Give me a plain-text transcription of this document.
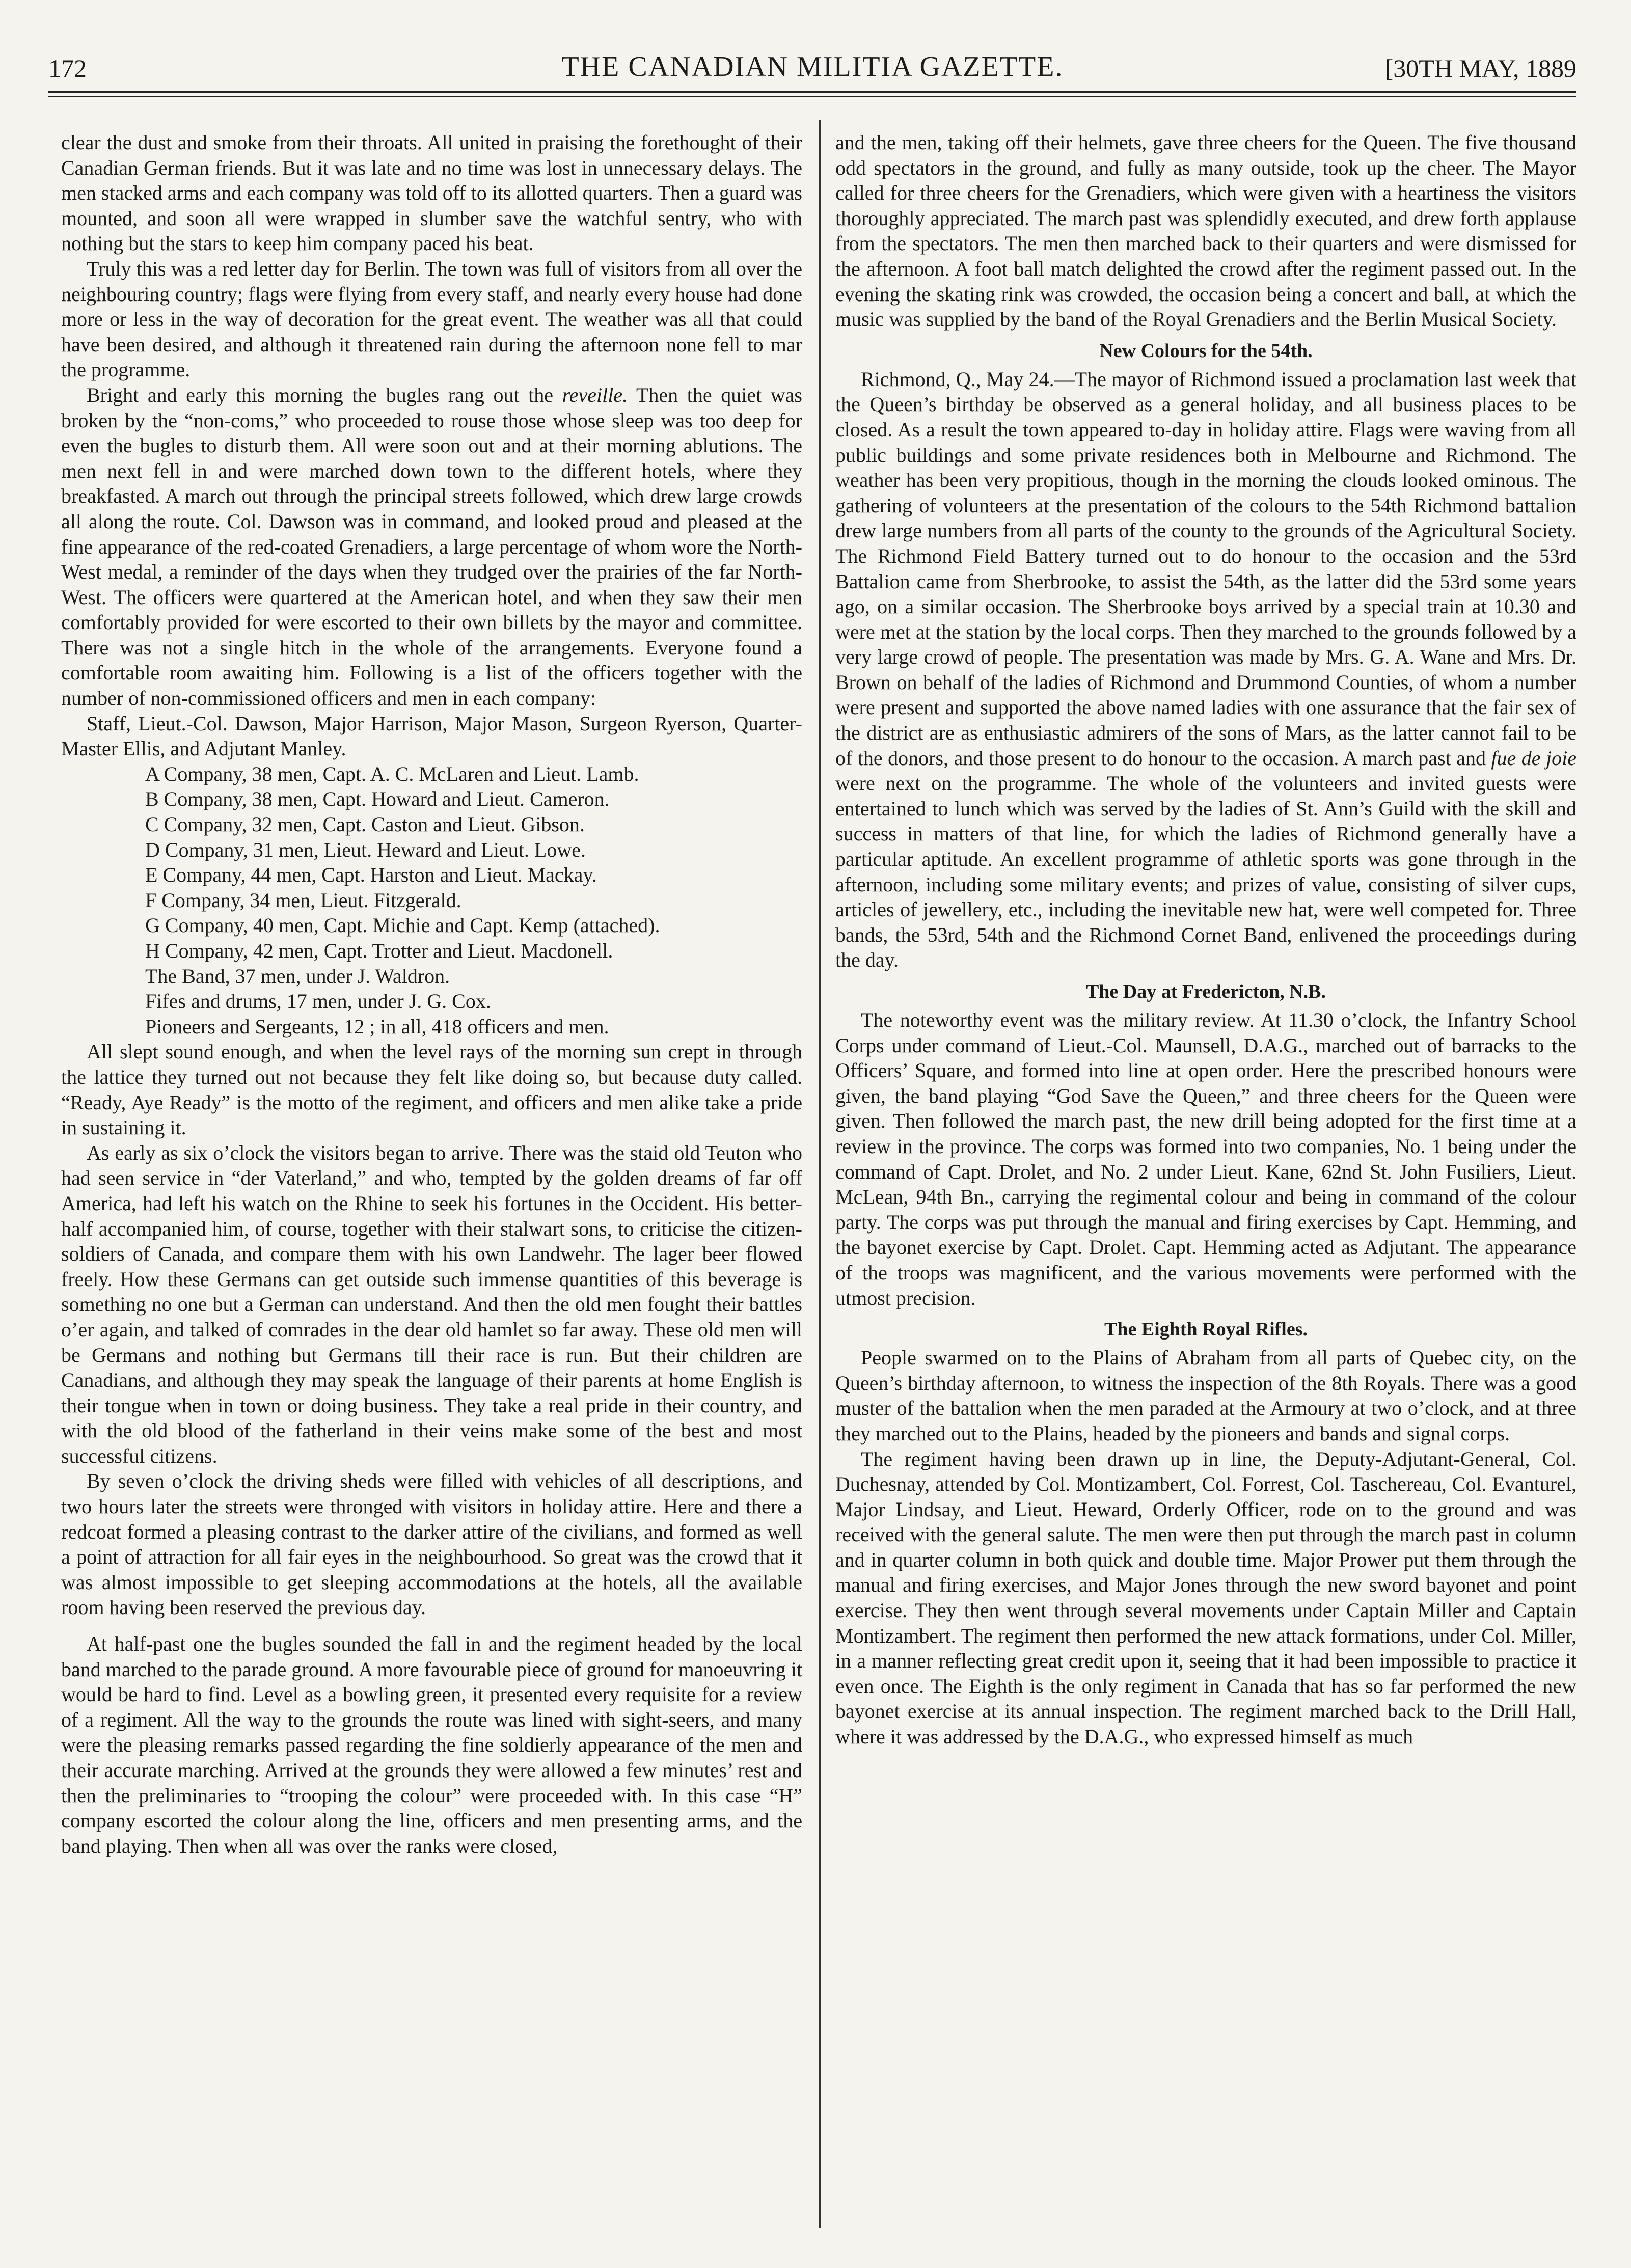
172	THE CANADIAN MILITIA GAZETTE.	[30TH MAY, 1889

clear the dust and smoke from their throats. All united in praising the forethought of their Canadian German friends. But it was late and no time was lost in unnecessary delays. The men stacked arms and each company was told off to its allotted quarters. Then a guard was mounted, and soon all were wrapped in slumber save the watchful sentry, who with nothing but the stars to keep him company paced his beat.

Truly this was a red letter day for Berlin. The town was full of visitors from all over the neighbouring country; flags were flying from every staff, and nearly every house had done more or less in the way of decoration for the great event. The weather was all that could have been desired, and although it threatened rain during the afternoon none fell to mar the programme.

Bright and early this morning the bugles rang out the reveille. Then the quiet was broken by the “non-coms,” who proceeded to rouse those whose sleep was too deep for even the bugles to disturb them. All were soon out and at their morning ablutions. The men next fell in and were marched down town to the different hotels, where they breakfasted. A march out through the principal streets followed, which drew large crowds all along the route. Col. Dawson was in command, and looked proud and pleased at the fine appearance of the red-coated Grenadiers, a large percentage of whom wore the North-West medal, a reminder of the days when they trudged over the prairies of the far North-West. The officers were quartered at the American hotel, and when they saw their men comfortably provided for were escorted to their own billets by the mayor and committee. There was not a single hitch in the whole of the arrangements. Everyone found a comfortable room awaiting him. Following is a list of the officers together with the number of non-commissioned officers and men in each company:

Staff, Lieut.-Col. Dawson, Major Harrison, Major Mason, Surgeon Ryerson, Quarter-Master Ellis, and Adjutant Manley.

A Company, 38 men, Capt. A. C. McLaren and Lieut. Lamb.

B Company, 38 men, Capt. Howard and Lieut. Cameron.

C Company, 32 men, Capt. Caston and Lieut. Gibson.

D Company, 31 men, Lieut. Heward and Lieut. Lowe.

E Company, 44 men, Capt. Harston and Lieut. Mackay.

F Company, 34 men, Lieut. Fitzgerald.

G Company, 40 men, Capt. Michie and Capt. Kemp (attached).

H Company, 42 men, Capt. Trotter and Lieut. Macdonell.

The Band, 37 men, under J. Waldron.

Fifes and drums, 17 men, under J. G. Cox.

Pioneers and Sergeants, 12 ; in all, 418 officers and men.

All slept sound enough, and when the level rays of the morning sun crept in through the lattice they turned out not because they felt like doing so, but because duty called. “Ready, Aye Ready” is the motto of the regiment, and officers and men alike take a pride in sustaining it.

As early as six o’clock the visitors began to arrive. There was the staid old Teuton who had seen service in “der Vaterland,” and who, tempted by the golden dreams of far off America, had left his watch on the Rhine to seek his fortunes in the Occident. His better-half accompanied him, of course, together with their stalwart sons, to criticise the citizen-soldiers of Canada, and compare them with his own Landwehr. The lager beer flowed freely. How these Germans can get outside such immense quantities of this beverage is something no one but a German can understand. And then the old men fought their battles o’er again, and talked of comrades in the dear old hamlet so far away. These old men will be Germans and nothing but Germans till their race is run. But their children are Canadians, and although they may speak the language of their parents at home English is their tongue when in town or doing business. They take a real pride in their country, and with the old blood of the fatherland in their veins make some of the best and most successful citizens.

By seven o’clock the driving sheds were filled with vehicles of all descriptions, and two hours later the streets were thronged with visitors in holiday attire. Here and there a redcoat formed a pleasing contrast to the darker attire of the civilians, and formed as well a point of attraction for all fair eyes in the neighbourhood. So great was the crowd that it was almost impossible to get sleeping accommodations at the hotels, all the available room having been reserved the previous day.

At half-past one the bugles sounded the fall in and the regiment headed by the local band marched to the parade ground. A more favourable piece of ground for manoeuvring it would be hard to find. Level as a bowling green, it presented every requisite for a review of a regiment. All the way to the grounds the route was lined with sight-seers, and many were the pleasing remarks passed regarding the fine soldierly appearance of the men and their accurate marching. Arrived at the grounds they were allowed a few minutes’ rest and then the preliminaries to “trooping the colour” were proceeded with. In this case “H” company escorted the colour along the line, officers and men presenting arms, and the band playing. Then when all was over the ranks were closed,

and the men, taking off their helmets, gave three cheers for the Queen. The five thousand odd spectators in the ground, and fully as many outside, took up the cheer. The Mayor called for three cheers for the Grenadiers, which were given with a heartiness the visitors thoroughly appreciated. The march past was splendidly executed, and drew forth applause from the spectators. The men then marched back to their quarters and were dismissed for the afternoon. A foot ball match delighted the crowd after the regiment passed out. In the evening the skating rink was crowded, the occasion being a concert and ball, at which the music was supplied by the band of the Royal Grenadiers and the Berlin Musical Society.

New Colours for the 54th.

Richmond, Q., May 24.—The mayor of Richmond issued a proclamation last week that the Queen’s birthday be observed as a general holiday, and all business places to be closed. As a result the town appeared to-day in holiday attire. Flags were waving from all public buildings and some private residences both in Melbourne and Richmond. The weather has been very propitious, though in the morning the clouds looked ominous. The gathering of volunteers at the presentation of the colours to the 54th Richmond battalion drew large numbers from all parts of the county to the grounds of the Agricultural Society. The Richmond Field Battery turned out to do honour to the occasion and the 53rd Battalion came from Sherbrooke, to assist the 54th, as the latter did the 53rd some years ago, on a similar occasion. The Sherbrooke boys arrived by a special train at 10.30 and were met at the station by the local corps. Then they marched to the grounds followed by a very large crowd of people. The presentation was made by Mrs. G. A. Wane and Mrs. Dr. Brown on behalf of the ladies of Richmond and Drummond Counties, of whom a number were present and supported the above named ladies with one assurance that the fair sex of the district are as enthusiastic admirers of the sons of Mars, as the latter cannot fail to be of the donors, and those present to do honour to the occasion. A march past and fue de joie were next on the programme. The whole of the volunteers and invited guests were entertained to lunch which was served by the ladies of St. Ann’s Guild with the skill and success in matters of that line, for which the ladies of Richmond generally have a particular aptitude. An excellent programme of athletic sports was gone through in the afternoon, including some military events; and prizes of value, consisting of silver cups, articles of jewellery, etc., including the inevitable new hat, were well competed for. Three bands, the 53rd, 54th and the Richmond Cornet Band, enlivened the proceedings during the day.

The Day at Fredericton, N.B.

The noteworthy event was the military review. At 11.30 o’clock, the Infantry School Corps under command of Lieut.-Col. Maunsell, D.A.G., marched out of barracks to the Officers’ Square, and formed into line at open order. Here the prescribed honours were given, the band playing “God Save the Queen,” and three cheers for the Queen were given. Then followed the march past, the new drill being adopted for the first time at a review in the province. The corps was formed into two companies, No. 1 being under the command of Capt. Drolet, and No. 2 under Lieut. Kane, 62nd St. John Fusiliers, Lieut. McLean, 94th Bn., carrying the regimental colour and being in command of the colour party. The corps was put through the manual and firing exercises by Capt. Hemming, and the bayonet exercise by Capt. Drolet. Capt. Hemming acted as Adjutant. The appearance of the troops was magnificent, and the various movements were performed with the utmost precision.

The Eighth Royal Rifles.

People swarmed on to the Plains of Abraham from all parts of Quebec city, on the Queen’s birthday afternoon, to witness the inspection of the 8th Royals. There was a good muster of the battalion when the men paraded at the Armoury at two o’clock, and at three they marched out to the Plains, headed by the pioneers and bands and signal corps.

The regiment having been drawn up in line, the Deputy-Adjutant-General, Col. Duchesnay, attended by Col. Montizambert, Col. Forrest, Col. Taschereau, Col. Evanturel, Major Lindsay, and Lieut. Heward, Orderly Officer, rode on to the ground and was received with the general salute. The men were then put through the march past in column and in quarter column in both quick and double time. Major Prower put them through the manual and firing exercises, and Major Jones through the new sword bayonet and point exercise. They then went through several movements under Captain Miller and Captain Montizambert. The regiment then performed the new attack formations, under Col. Miller, in a manner reflecting great credit upon it, seeing that it had been impossible to practice it even once. The Eighth is the only regiment in Canada that has so far performed the new bayonet exercise at its annual inspection. The regiment marched back to the Drill Hall, where it was addressed by the D.A.G., who expressed himself as much
